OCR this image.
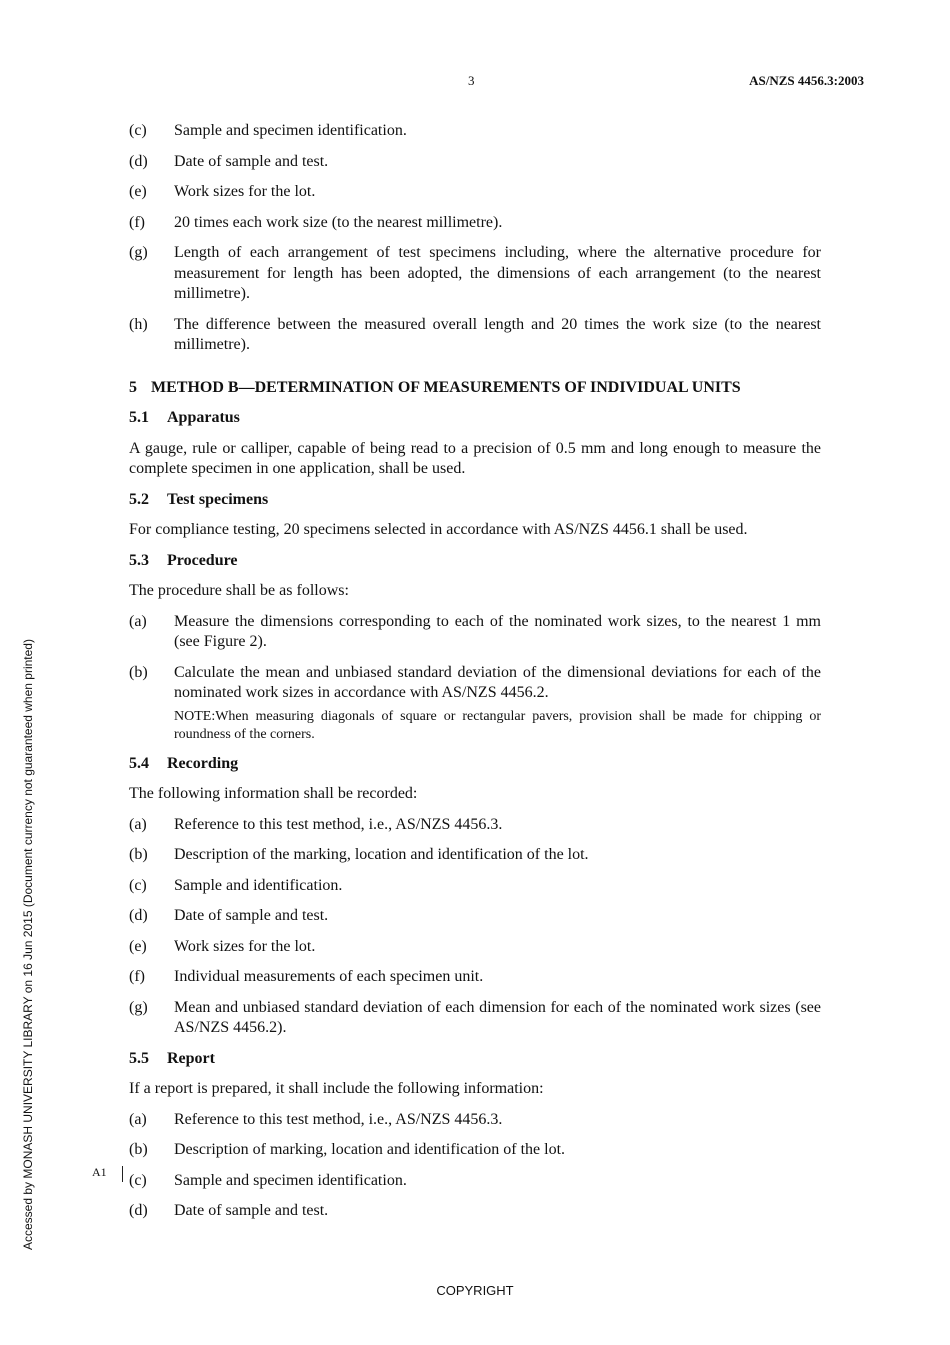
3	AS/NZS 4456.3:2003
Accessed by MONASH UNIVERSITY LIBRARY on 16 Jun 2015 (Document currency not guaranteed when printed)	A1
(c)	Sample and specimen identification.
(d)	Date of sample and test.
(e)	Work sizes for the lot.
(f)	20 times each work size (to the nearest millimetre).
(g)	Length of each arrangement of test specimens including, where the alternative procedure for measurement for length has been adopted, the dimensions of each arrangement (to the nearest millimetre).
(h)	The difference between the measured overall length and 20 times the work size (to the nearest millimetre).
5 METHOD B—DETERMINATION OF MEASUREMENTS OF INDIVIDUAL UNITS
5.1 Apparatus
A gauge, rule or calliper, capable of being read to a precision of 0.5 mm and long enough to measure the complete specimen in one application, shall be used.
5.2 Test specimens
For compliance testing, 20 specimens selected in accordance with AS/NZS 4456.1 shall be used.
5.3 Procedure
The procedure shall be as follows:
(a)	Measure the dimensions corresponding to each of the nominated work sizes, to the nearest 1 mm (see Figure 2).
(b)	Calculate the mean and unbiased standard deviation of the dimensional deviations for each of the nominated work sizes in accordance with AS/NZS 4456.2.
NOTE:When measuring diagonals of square or rectangular pavers, provision shall be made for chipping or roundness of the corners.
5.4 Recording
The following information shall be recorded:
(a)	Reference to this test method, i.e., AS/NZS 4456.3.
(b)	Description of the marking, location and identification of the lot.
(c)	Sample and identification.
(d)	Date of sample and test.
(e)	Work sizes for the lot.
(f)	Individual measurements of each specimen unit.
(g)	Mean and unbiased standard deviation of each dimension for each of the nominated work sizes (see AS/NZS 4456.2).
5.5 Report
If a report is prepared, it shall include the following information:
(a)	Reference to this test method, i.e., AS/NZS 4456.3.
(b)	Description of marking, location and identification of the lot.
(c)	Sample and specimen identification.
(d)	Date of sample and test.
COPYRIGHT
